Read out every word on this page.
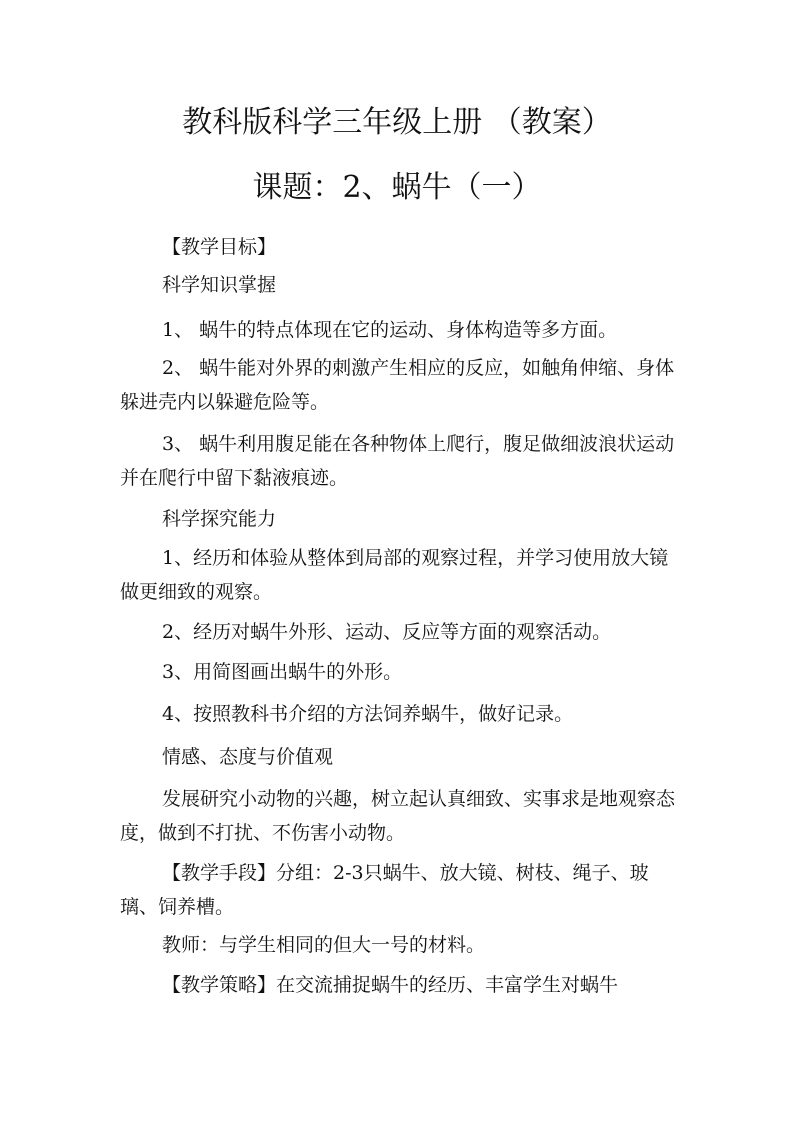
教科版科学三年级上册 （教案）
课题：2、蜗牛（一）
【教学目标】
科学知识掌握
1、 蜗牛的特点体现在它的运动、身体构造等多方面。
2、 蜗牛能对外界的刺激产生相应的反应，如触角伸缩、身体躲进壳内以躲避危险等。
3、 蜗牛利用腹足能在各种物体上爬行，腹足做细波浪状运动并在爬行中留下黏液痕迹。
科学探究能力
1、经历和体验从整体到局部的观察过程，并学习使用放大镜做更细致的观察。
2、经历对蜗牛外形、运动、反应等方面的观察活动。
3、用简图画出蜗牛的外形。
4、按照教科书介绍的方法饲养蜗牛，做好记录。
情感、态度与价值观
发展研究小动物的兴趣，树立起认真细致、实事求是地观察态度，做到不打扰、不伤害小动物。
【教学手段】分组：2-3只蜗牛、放大镜、树枝、绳子、玻璃、饲养槽。
教师：与学生相同的但大一号的材料。
【教学策略】在交流捕捉蜗牛的经历、丰富学生对蜗牛
